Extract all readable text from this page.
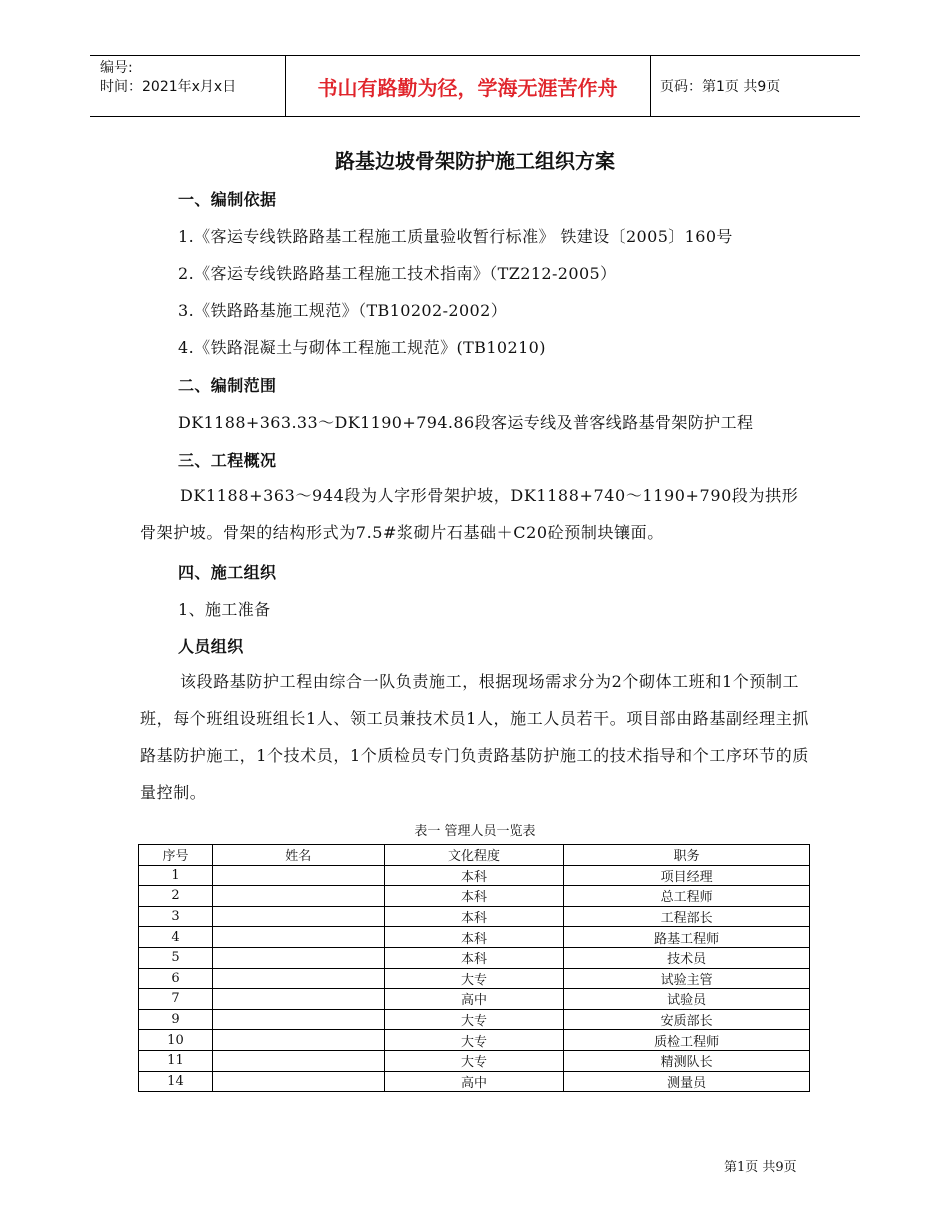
编号:
时间：2021年x月x日	书山有路勤为径，学海无涯苦作舟	页码：第1页 共9页
路基边坡骨架防护施工组织方案
一、编制依据
1.《客运专线铁路路基工程施工质量验收暂行标准》 铁建设〔2005〕160号
2.《客运专线铁路路基工程施工技术指南》（TZ212-2005）
3.《铁路路基施工规范》（TB10202-2002）
4.《铁路混凝土与砌体工程施工规范》(TB10210)
二、编制范围
DK1188+363.33～DK1190+794.86段客运专线及普客线路基骨架防护工程
三、工程概况

DK1188+363～944段为人字形骨架护坡，DK1188+740～1190+790段为拱形骨架护坡。骨架的结构形式为7.5#浆砌片石基础＋C20砼预制块镶面。

四、施工组织
1、施工准备
人员组织

该段路基防护工程由综合一队负责施工，根据现场需求分为2个砌体工班和1个预制工班，每个班组设班组长1人、领工员兼技术员1人，施工人员若干。项目部由路基副经理主抓路基防护施工，1个技术员，1个质检员专门负责路基防护施工的技术指导和个工序环节的质量控制。

表一 管理人员一览表
序号	姓名	文化程度	职务
1		本科	项目经理
2		本科	总工程师
3		本科	工程部长
4		本科	路基工程师
5		本科	技术员
6		大专	试验主管
7		高中	试验员
9		大专	安质部长
10		大专	质检工程师
11		大专	精测队长
14		高中	测量员
第1页 共9页
